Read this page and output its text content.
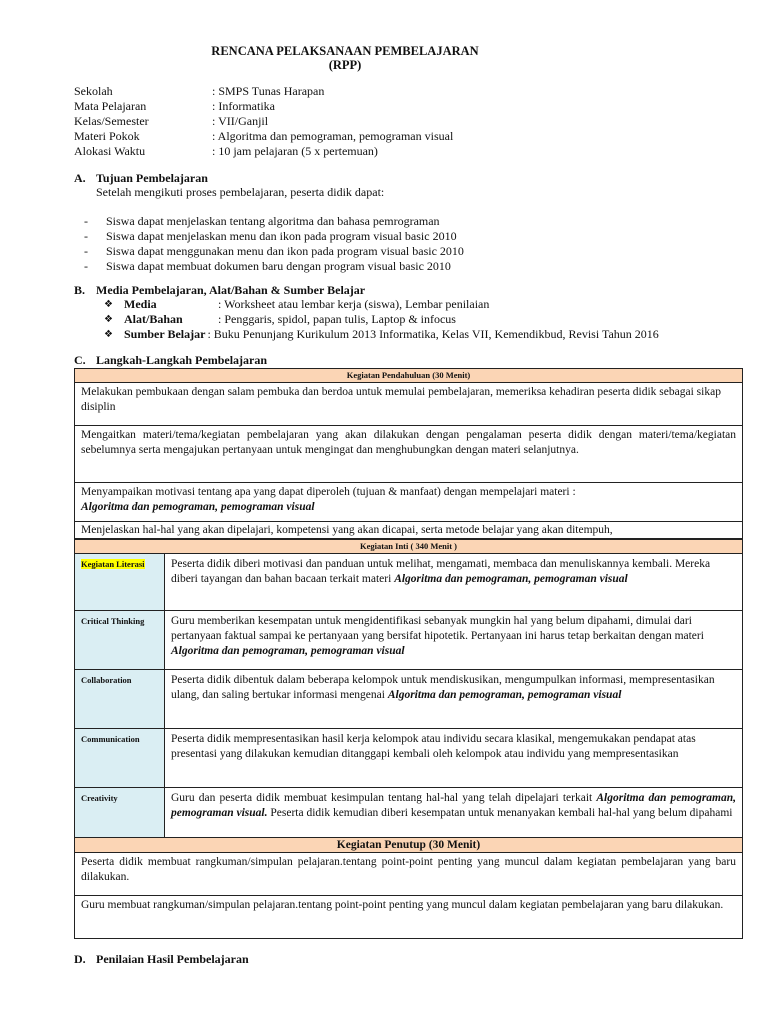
RENCANA PELAKSANAAN PEMBELAJARAN
(RPP)
Sekolah	: SMPS Tunas Harapan
Mata Pelajaran	: Informatika
Kelas/Semester	: VII/Ganjil
Materi Pokok	: Algoritma dan pemograman, pemograman visual
Alokasi Waktu	: 10 jam pelajaran (5 x pertemuan)
A. Tujuan Pembelajaran
Setelah mengikuti proses pembelajaran, peserta didik dapat:
-	Siswa dapat menjelaskan tentang algoritma dan bahasa pemrograman
-	Siswa dapat menjelaskan menu dan ikon pada program visual basic 2010
-	Siswa dapat menggunakan menu dan ikon pada program visual basic 2010
-	Siswa dapat membuat dokumen baru dengan program visual basic 2010
B. Media Pembelajaran, Alat/Bahan & Sumber Belajar
❖ Media	: Worksheet atau lembar kerja (siswa), Lembar penilaian
❖ Alat/Bahan	: Penggaris, spidol, papan tulis, Laptop & infocus
❖ Sumber Belajar : Buku Penunjang Kurikulum 2013 Informatika, Kelas VII, Kemendikbud, Revisi Tahun 2016
C. Langkah-Langkah Pembelajaran
Kegiatan Pendahuluan (30 Menit)
Melakukan pembukaan dengan salam pembuka dan berdoa untuk memulai pembelajaran, memeriksa kehadiran peserta didik sebagai sikap disiplin
Mengaitkan materi/tema/kegiatan pembelajaran yang akan dilakukan dengan pengalaman peserta didik dengan materi/tema/kegiatan sebelumnya serta mengajukan pertanyaan untuk mengingat dan menghubungkan dengan materi selanjutnya.
Menyampaikan motivasi tentang apa yang dapat diperoleh (tujuan & manfaat) dengan mempelajari materi :
Algoritma dan pemograman, pemograman visual
Menjelaskan hal-hal yang akan dipelajari, kompetensi yang akan dicapai, serta metode belajar yang akan ditempuh,
Kegiatan Inti ( 340 Menit )
Kegiatan Literasi	Peserta didik diberi motivasi dan panduan untuk melihat, mengamati, membaca dan menuliskannya kembali. Mereka diberi tayangan dan bahan bacaan terkait materi Algoritma dan pemograman, pemograman visual
Critical Thinking	Guru memberikan kesempatan untuk mengidentifikasi sebanyak mungkin hal yang belum dipahami, dimulai dari pertanyaan faktual sampai ke pertanyaan yang bersifat hipotetik. Pertanyaan ini harus tetap berkaitan dengan materi Algoritma dan pemograman, pemograman visual
Collaboration	Peserta didik dibentuk dalam beberapa kelompok untuk mendiskusikan, mengumpulkan informasi, mempresentasikan ulang, dan saling bertukar informasi mengenai Algoritma dan pemograman, pemograman visual
Communication	Peserta didik mempresentasikan hasil kerja kelompok atau individu secara klasikal, mengemukakan pendapat atas presentasi yang dilakukan kemudian ditanggapi kembali oleh kelompok atau individu yang mempresentasikan
Creativity	Guru dan peserta didik membuat kesimpulan tentang hal-hal yang telah dipelajari terkait Algoritma dan pemograman, pemograman visual. Peserta didik kemudian diberi kesempatan untuk menanyakan kembali hal-hal yang belum dipahami
Kegiatan Penutup (30 Menit)
Peserta didik membuat rangkuman/simpulan pelajaran.tentang point-point penting yang muncul dalam kegiatan pembelajaran yang baru dilakukan.
Guru membuat rangkuman/simpulan pelajaran.tentang point-point penting yang muncul dalam kegiatan pembelajaran yang baru dilakukan.
D. Penilaian Hasil Pembelajaran
